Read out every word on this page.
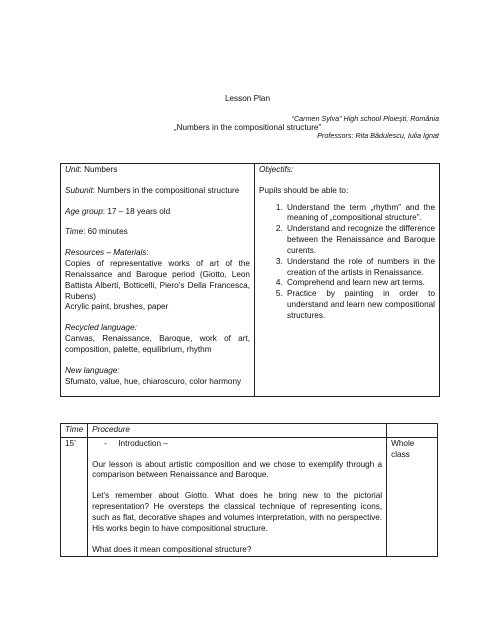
Lesson Plan
„Numbers in the compositional structure”
“Carmen Sylva” High school Ploieşti, România
Professors: Rita Bădulescu, Iulia Ignat

Unit: Numbers

Subunit: Numbers in the compositional structure

Age group: 17 – 18 years old

Time: 60 minutes

Resources – Materials:

Copies of representative works of art of the Renaissance and Baroque period (Giotto, Leon Battista Alberti, Botticelli, Piero’s Della Francesca, Rubens)

Acrylic paint, brushes, paper

Recycled language:

Canvas, Renaissance, Baroque, work of art, composition, palette, equilibrium, rhythm

New language:

Sfumato, value, hue, chiaroscuro, color harmony

Objectifs:

Pupils should be able to:

1. Understand the term „rhythm” and the meaning of „compositional structure”.
2. Understand and recognize the difference between the Renaissance and Baroque curents.
3. Understand the role of numbers in the creation of the artists in Renaissance.
4. Comprehend and learn new art terms.
5. Practice by painting in order to understand and learn new compositional structures.
Time	Procedure	
15’	-     Introduction –

Our lesson is about artistic composition and we chose to exemplify through a comparison between Renaissance and Baroque.

Let’s remember about Giotto. What does he bring new to the pictorial representation? He oversteps the classical technique of representing icons, such as flat, decorative shapes and volumes interpretation, with no perspective. His works begin to have compositional structure.

What does it mean compositional structure?	Whole class
